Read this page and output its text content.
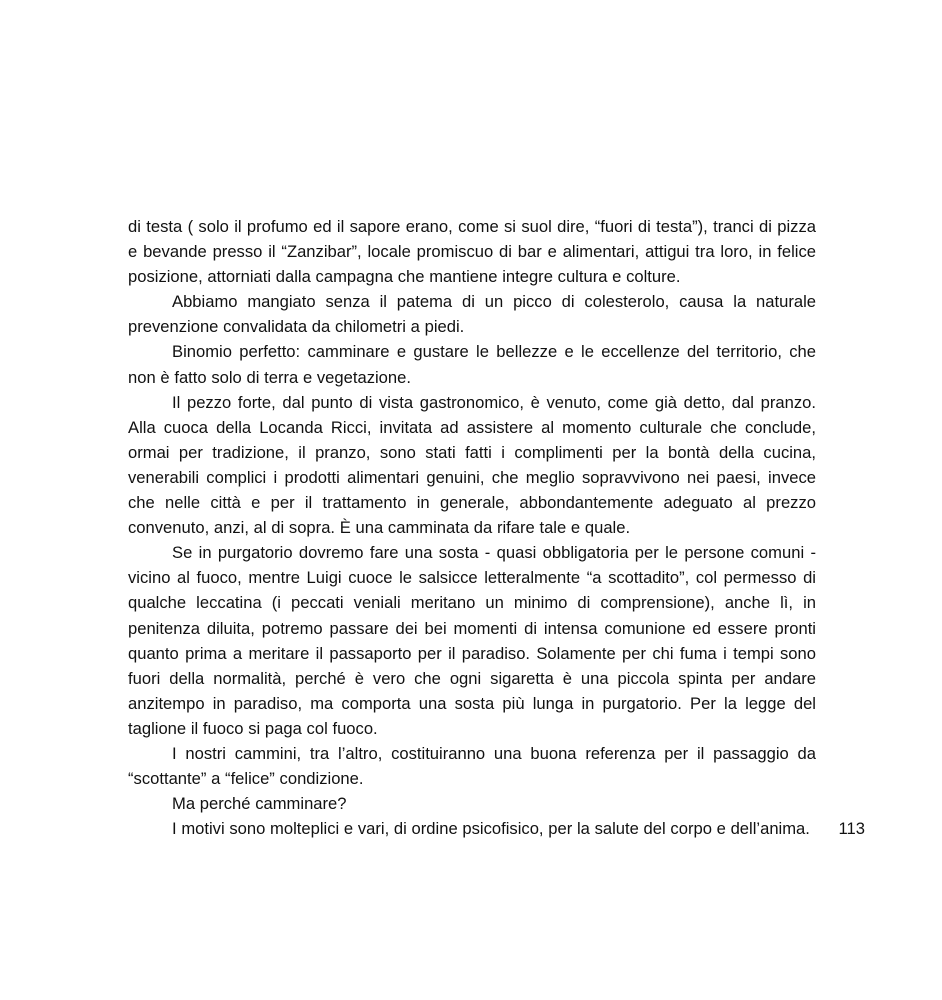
di testa ( solo il profumo ed il sapore erano, come si suol dire, “fuori di testa”), tranci di pizza e bevande presso il “Zanzibar”, locale promiscuo di bar e alimentari, attigui tra loro, in felice posizione, attorniati dalla campagna che mantiene integre cultura e colture.

Abbiamo mangiato senza il patema di un picco di colesterolo, causa la naturale prevenzione convalidata da chilometri a piedi.

Binomio perfetto: camminare e gustare le bellezze e le eccellenze del territorio, che non è fatto solo di terra e vegetazione.

Il pezzo forte, dal punto di vista gastronomico, è venuto, come già detto, dal pranzo. Alla cuoca della Locanda Ricci, invitata ad assistere al momento culturale che conclude, ormai per tradizione, il pranzo, sono stati fatti i complimenti per la bontà della cucina, venerabili complici i prodotti alimentari genuini, che meglio sopravvivono nei paesi, invece che nelle città e per il trattamento in generale, abbondantemente adeguato al prezzo convenuto, anzi, al di sopra. È una camminata da rifare tale e quale.

Se in purgatorio dovremo fare una sosta - quasi obbligatoria per le persone comuni - vicino al fuoco, mentre Luigi cuoce le salsicce letteralmente “a scottadito”, col permesso di qualche leccatina (i peccati veniali meritano un minimo di comprensione), anche lì, in penitenza diluita, potremo passare dei bei momenti di intensa comunione ed essere pronti quanto prima a meritare il passaporto per il paradiso. Solamente per chi fuma i tempi sono fuori della normalità, perché è vero che ogni sigaretta è una piccola spinta per andare anzitempo in paradiso, ma comporta una sosta più lunga in purgatorio. Per la legge del taglione il fuoco si paga col fuoco.

I nostri cammini, tra l’altro, costituiranno una buona referenza per il passaggio da “scottante” a “felice” condizione.

Ma perché camminare?

I motivi sono molteplici e vari, di ordine psicofisico, per la salute del corpo e dell’anima.	113
